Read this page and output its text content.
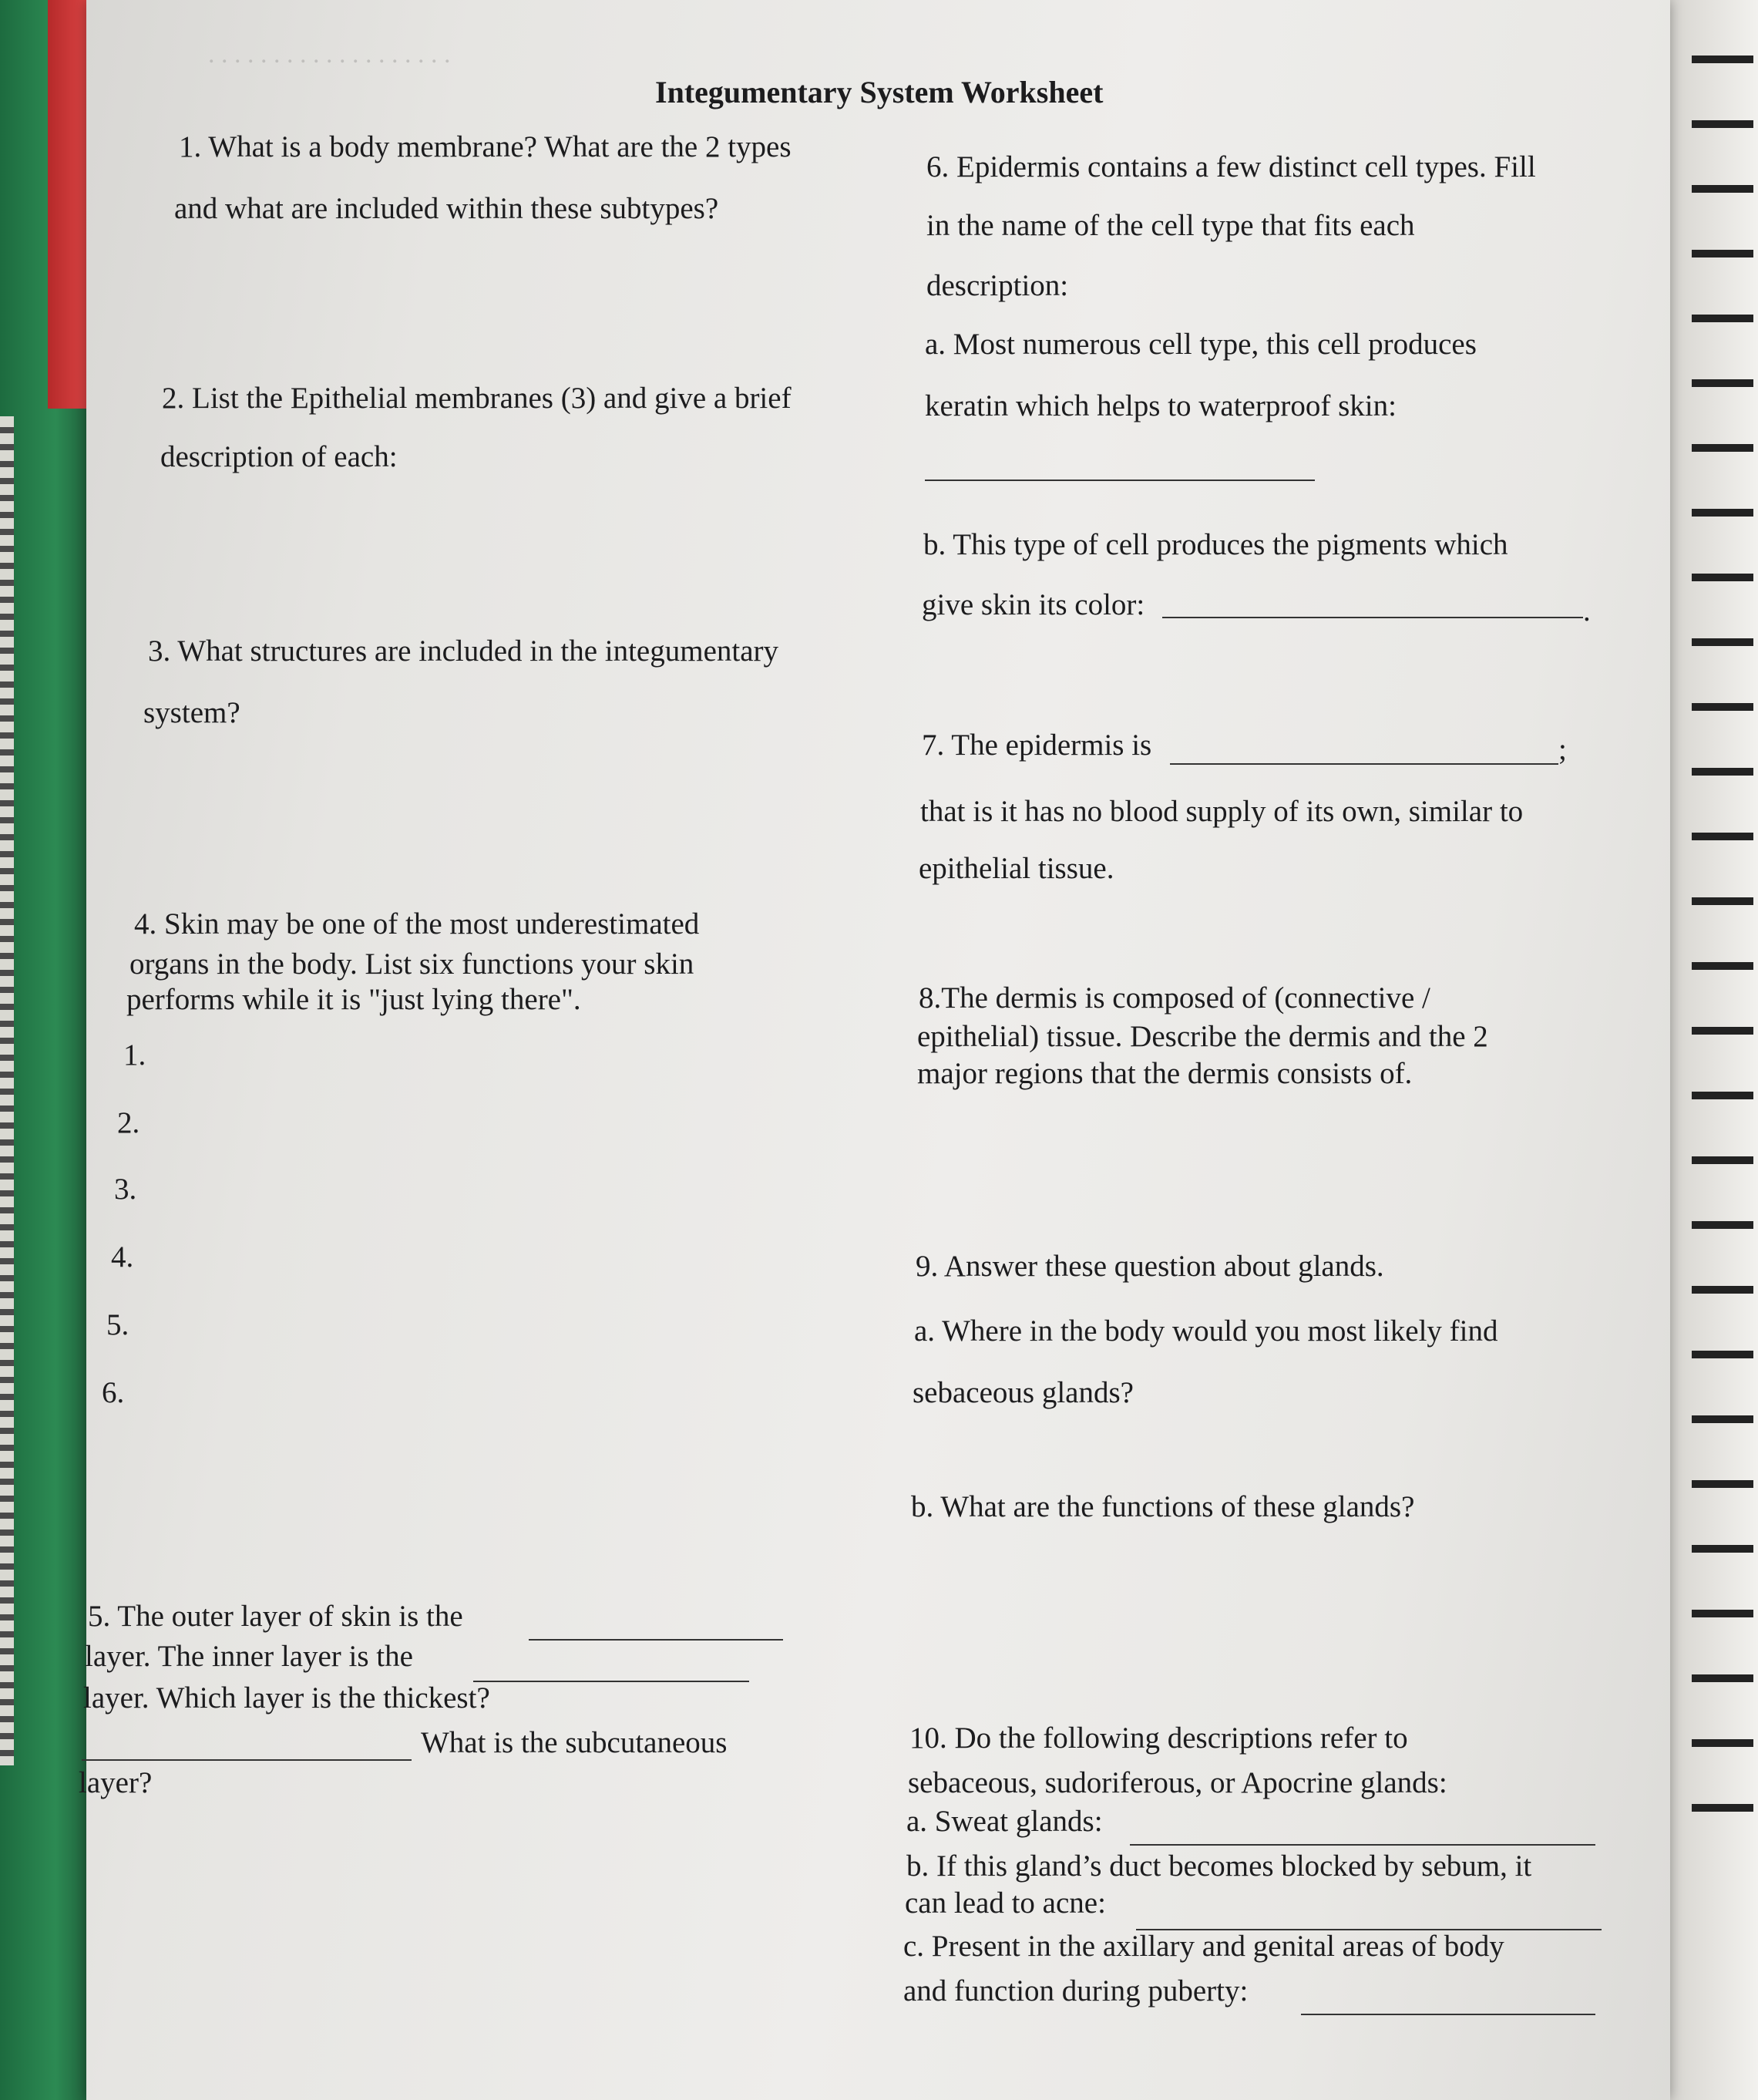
. . . . . . . . . . . . . . . . . . .
Integumentary System Worksheet
1. What is a body membrane? What are the 2 types
and what are included within these subtypes?
2. List the Epithelial membranes (3) and give a brief
description of each:
3. What structures are included in the integumentary
system?
4. Skin may be one of the most underestimated
organs in the body. List six functions your skin
performs while it is "just lying there".
1.
2.
3.
4.
5.
6.
5. The outer layer of skin is the
layer. The inner layer is the
layer. Which layer is the thickest?
What is the subcutaneous
layer?
6. Epidermis contains a few distinct cell types. Fill
in the name of the cell type that fits each
description:
a. Most numerous cell type, this cell produces
keratin which helps to waterproof skin:
b. This type of cell produces the pigments which
give skin its color:	.
7. The epidermis is	;
that is it has no blood supply of its own, similar to
epithelial tissue.
8.The dermis is composed of (connective /
epithelial) tissue. Describe the dermis and the 2
major regions that the dermis consists of.
9. Answer these question about glands.
a. Where in the body would you most likely find
sebaceous glands?
b. What are the functions of these glands?
10. Do the following descriptions refer to
sebaceous, sudoriferous, or Apocrine glands:
a. Sweat glands:
b. If this gland’s duct becomes blocked by sebum, it
can lead to acne:
c. Present in the axillary and genital areas of body
and function during puberty:
